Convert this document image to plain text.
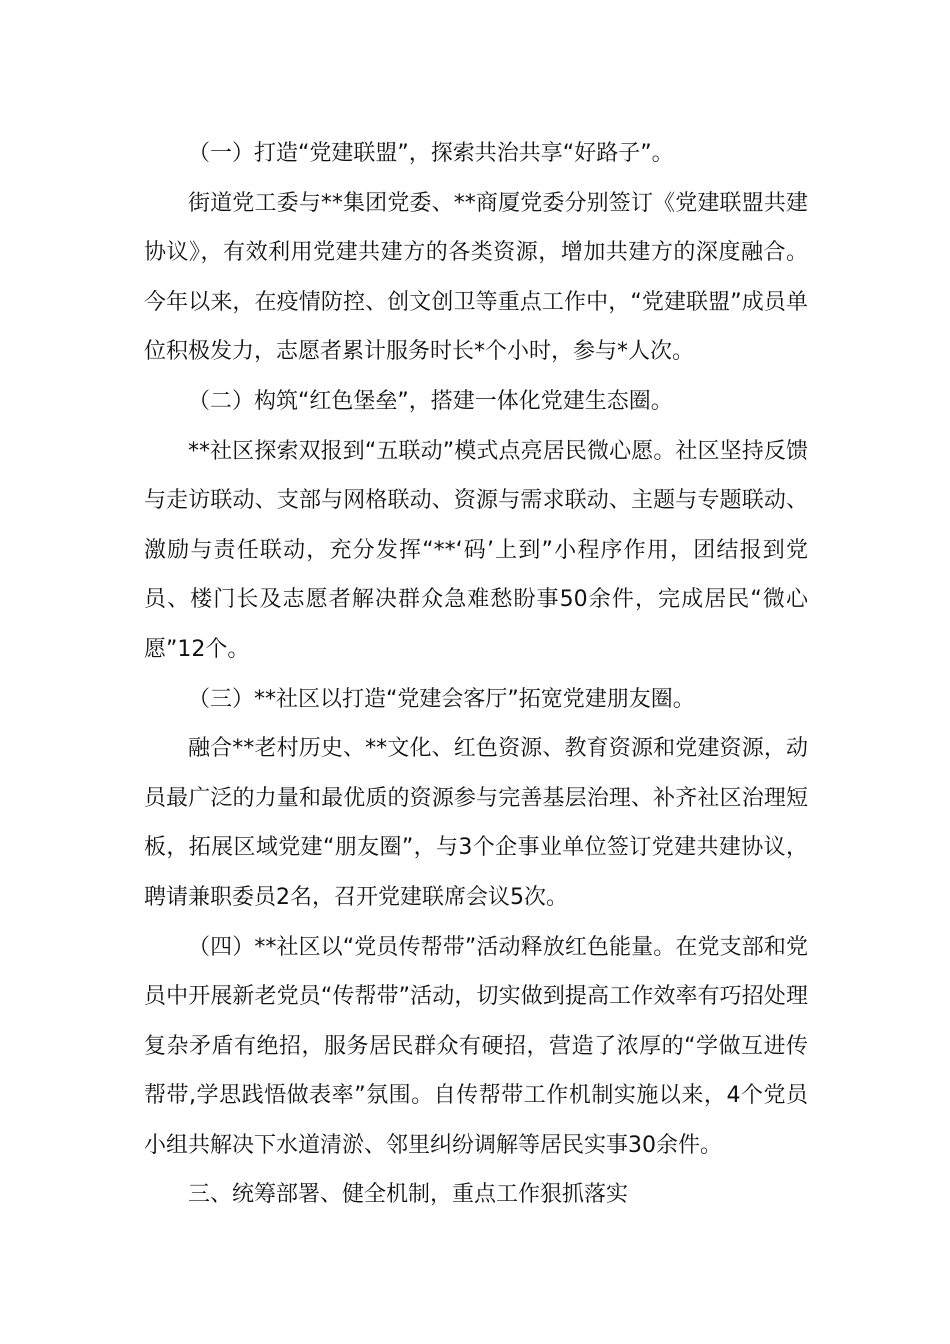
（一）打造“党建联盟”，探索共治共享“好路子”。

街道党工委与**集团党委、**商厦党委分别签订《党建联盟共建协议》，有效利用党建共建方的各类资源，增加共建方的深度融合。今年以来，在疫情防控、创文创卫等重点工作中，“党建联盟”成员单位积极发力，志愿者累计服务时长*个小时，参与*人次。

（二）构筑“红色堡垒”，搭建一体化党建生态圈。

**社区探索双报到“五联动”模式点亮居民微心愿。社区坚持反馈与走访联动、支部与网格联动、资源与需求联动、主题与专题联动、激励与责任联动，充分发挥“**‘码’上到”小程序作用，团结报到党员、楼门长及志愿者解决群众急难愁盼事50余件，完成居民“微心愿”12个。

（三）**社区以打造“党建会客厅”拓宽党建朋友圈。

融合**老村历史、**文化、红色资源、教育资源和党建资源，动员最广泛的力量和最优质的资源参与完善基层治理、补齐社区治理短板，拓展区域党建“朋友圈”，与3个企事业单位签订党建共建协议，聘请兼职委员2名，召开党建联席会议5次。

（四）**社区以“党员传帮带”活动释放红色能量。在党支部和党员中开展新老党员“传帮带”活动，切实做到提高工作效率有巧招处理复杂矛盾有绝招，服务居民群众有硬招，营造了浓厚的“学做互进传帮带,学思践悟做表率”氛围。自传帮带工作机制实施以来，4个党员小组共解决下水道清淤、邻里纠纷调解等居民实事30余件。

三、统筹部署、健全机制，重点工作狠抓落实
